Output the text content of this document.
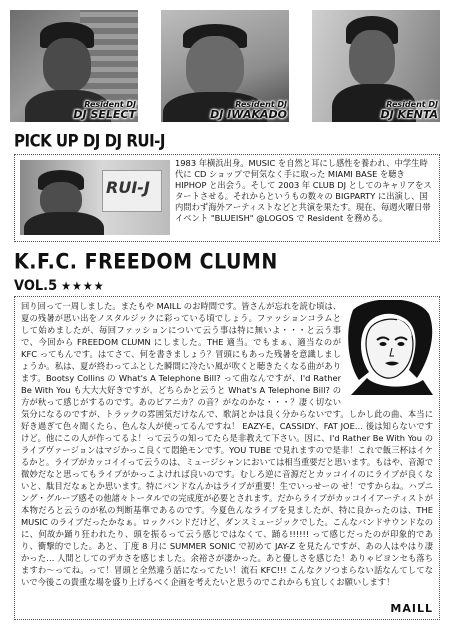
Resident DJ
DJ SELECT
Resident DJ
DJ IWAKADO
Resident DJ
DJ KENTA
PICK UP DJ DJ RUI-J
RUI-J
1983 年横浜出身。MUSIC を自然と耳にし感性を養われ、中学生時代に CD ショップで何気なく手に取った MIAMI BASE を聴き HIPHOP と出会う。そして 2003 年 CLUB DJ としてのキャリアをスタートさせる。それからというもの数々の BIGPARTY に出演し、国内問わず海外アーティストなどと共演を果たす。現在、毎週火曜日帯イベント "BLUEISH" @LOGOS で Resident を務める。
K.F.C. FREEDOM CLUMN
VOL.5 ★★★★
回り回って一周しました。またもや MAILL のお時間です。皆さんが忘れを読む頃は、夏の残暑が思い出をノスタルジックに彩っている頃でしょう。ファッションコラムとして始めましたが、毎回ファッションについて云う事は特に無いよ・・・と云う事で、今回から FREEDOM CLUMN にしました。THE 適当。でもまぁ、適当なのが KFC ってもんです。はてさて、何を書きましょう？冒頭にもあった残暑を意識しましょうか。私は、夏が終わってふとした瞬間に冷たい風が吹くと聴きたくなる曲があります。Bootsy Collins の What's A Telephone Bill? って曲なんですが、I'd Rather Be With You も大大大好きですが、どちらかと云うと What's A Telephone Bill? の方が秋って感じがするのです。あのピアニカ？の音？がなのかな・・・？凄く切ない気分になるのですが、トラックの雰囲気だけなんで、歌詞とかは良く分からないです。しかし此の曲、本当に好き過ぎて色々聞くたら、色んな人が使ってるんですね！ EAZY-E、CASSIDY、FAT JOE… 後は知らないですけど。他にこの人が作ってるよ！って云うの知ってたら是非教えて下さい。因に、I'd Rather Be With You のライブヴァージョンはマジかっこ良くて悶絶モンです。YOU TUBE で見れますので是非！これで飯三杯はイケるかと。ライブがカッコイイって云うのは、ミュージシャンにおいては相当重要だと思います。もはや、音源で微妙だなと思ってもライブがかっこよければ良いのです。むしろ逆に音源だとカッコイイのにライブが良くないと、駄目だなぁとか思います。特にバンドなんかはライブが重要！生でいっせーの せ！ですからね。ハプニング・グルーブ感その他諸々トータルでの完成度が必要とされます。だからライブがカッコイイアーティストが本物だろと云うのが私の判断基準であるのです。今夏色んなライブを見ましたが、特に良かったのは、THE MUSIC のライブだったかなぁ。ロックバンドだけど、ダンスミュージックでした。こんなバンドサウンドなのに、何故か踊り狂われたり、頭を振るって云う感じではなくて、踊る!!!!!! って感じだったのが印象的であり、衝撃的でした。あと、丁度 8 月に SUMMER SONIC で初めて JAY-Z を見たんですが、あの人はやはり凄かった… 人間としてのデカさを感じました。余裕さが凄かった。あと優しさを感じた！ありゃビヨンセも落ちますわ〜ってね。って！冒頭と全然違う話になってたい！流石 KFC!!! こんなクソつまらない話なんてしてないで今後この貴重な場を盛り上げるべく企画を考えたいと思うのでこれからも宜しくお願いします！
MAILL
